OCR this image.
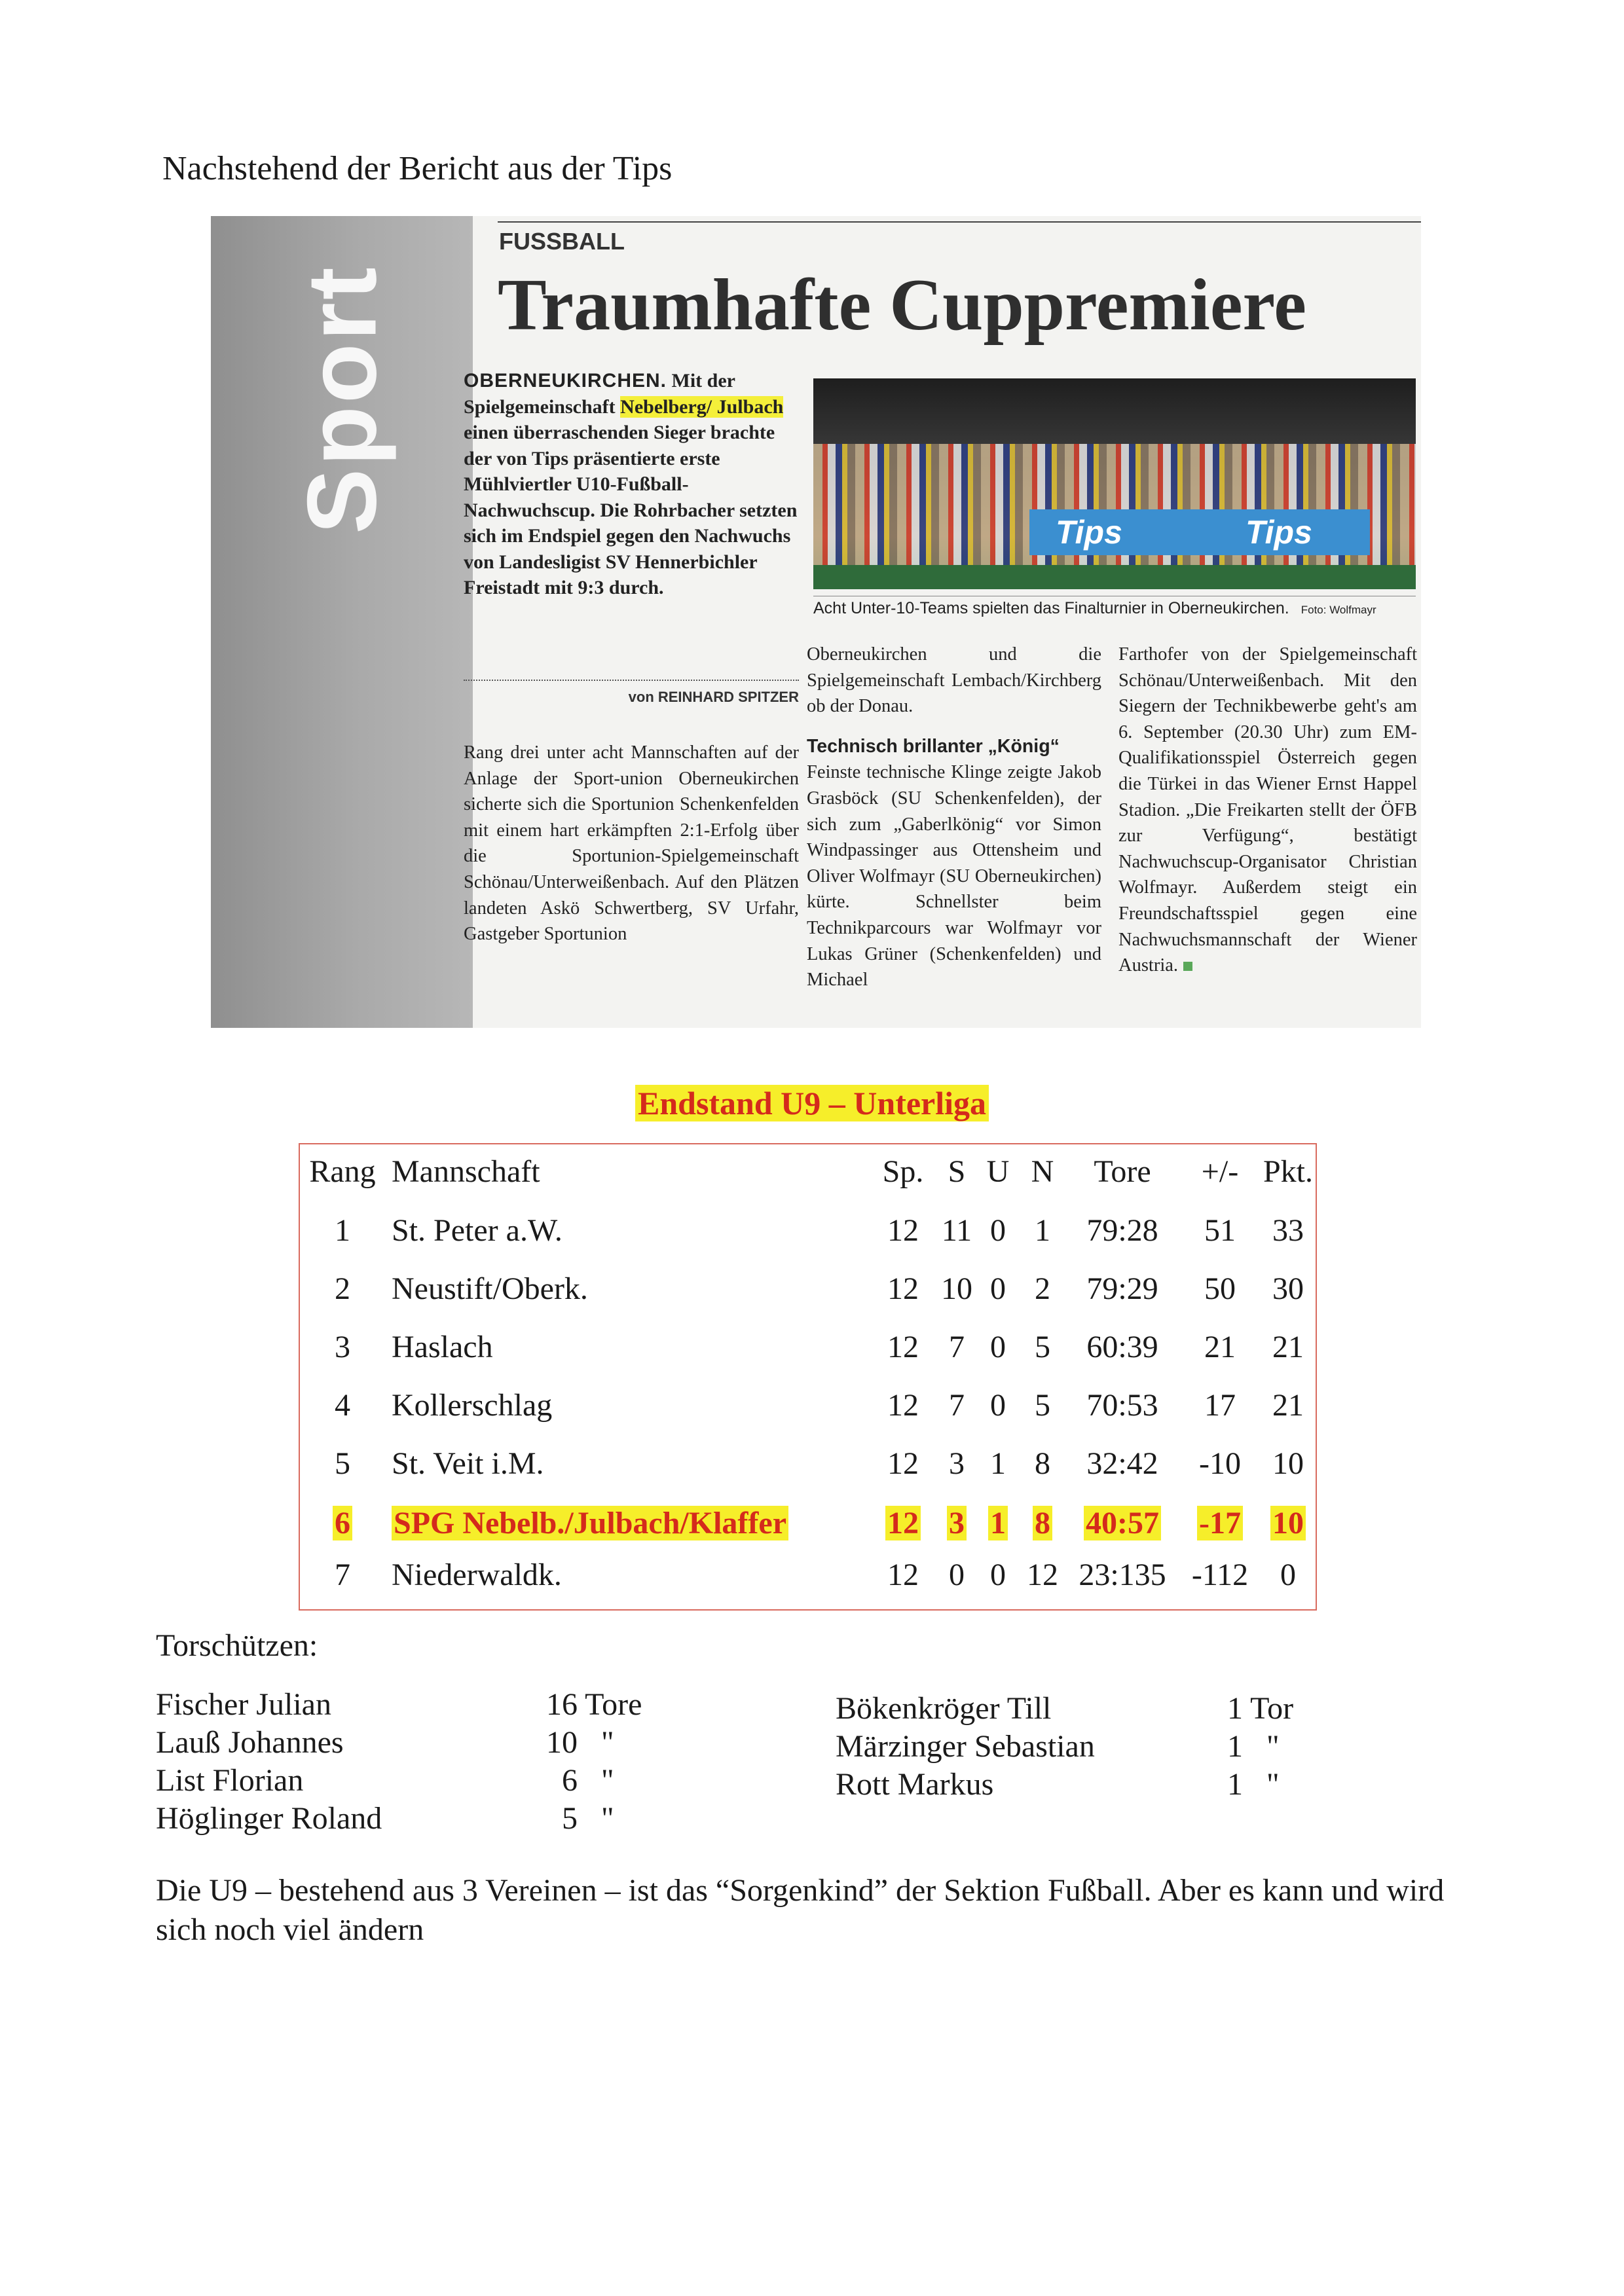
Nachstehend der Bericht aus der Tips
Sport
FUSSBALL
Traumhafte Cuppremiere
OBERNEUKIRCHEN. Mit der Spielgemeinschaft Nebelberg/ Julbach einen überraschenden Sieger brachte der von Tips präsentierte erste Mühlviertler U10-Fußball-Nachwuchscup. Die Rohrbacher setzten sich im Endspiel gegen den Nachwuchs von Landesligist SV Hennerbichler Freistadt mit 9:3 durch.
von REINHARD SPITZER
Tips	Tips
Acht Unter-10-Teams spielten das Finalturnier in Oberneukirchen. Foto: Wolfmayr
Rang drei unter acht Mannschaften auf der Anlage der Sport-union Oberneukirchen sicherte sich die Sportunion Schenkenfelden mit einem hart erkämpften 2:1-Erfolg über die Sportunion-Spielgemeinschaft Schönau/Unterweißenbach. Auf den Plätzen landeten Askö Schwertberg, SV Urfahr, Gastgeber Sportunion
Oberneukirchen und die Spielgemeinschaft Lembach/Kirchberg ob der Donau.
Technisch brillanter „König“
Feinste technische Klinge zeigte Jakob Grasböck (SU Schenkenfelden), der sich zum „Gaberlkönig“ vor Simon Windpassinger aus Ottensheim und Oliver Wolfmayr (SU Oberneukirchen) kürte. Schnellster beim Technikparcours war Wolfmayr vor Lukas Grüner (Schenkenfelden) und Michael
Farthofer von der Spielgemeinschaft Schönau/Unterweißenbach. Mit den Siegern der Technikbewerbe geht's am 6. September (20.30 Uhr) zum EM-Qualifikationsspiel Österreich gegen die Türkei in das Wiener Ernst Happel Stadion. „Die Freikarten stellt der ÖFB zur Verfügung“, bestätigt Nachwuchscup-Organisator Christian Wolfmayr. Außerdem steigt ein Freundschaftsspiel gegen eine Nachwuchsmannschaft der Wiener Austria.
Endstand U9 – Unterliga
Rang Mannschaft	Sp. S U N	Tore	+/- Pkt.
1	St. Peter a.W.	12 11 0 1	79:28	51	33
2	Neustift/Oberk.	12 10 0 2	79:29	50	30
3	Haslach	12 7 0 5	60:39	21	21
4	Kollerschlag	12 7 0 5	70:53	17	21
5	St. Veit i.M.	12 3 1 8	32:42	-10	10
6	SPG Nebelb./Julbach/Klaffer	12 3 1 8	40:57	-17	10
7	Niederwaldk.	12 0 0 12 23:135 -112	0
Torschützen:
Fischer Julian	16 Tore
Lauß Johannes	10   "
List Florian	6   "
Höglinger Roland	5   "
Bökenkröger Till	1 Tor
Märzinger Sebastian	1   "
Rott Markus	1   "
Die U9 – bestehend aus 3 Vereinen – ist das “Sorgenkind” der Sektion Fußball. Aber es kann und wird sich noch viel ändern
